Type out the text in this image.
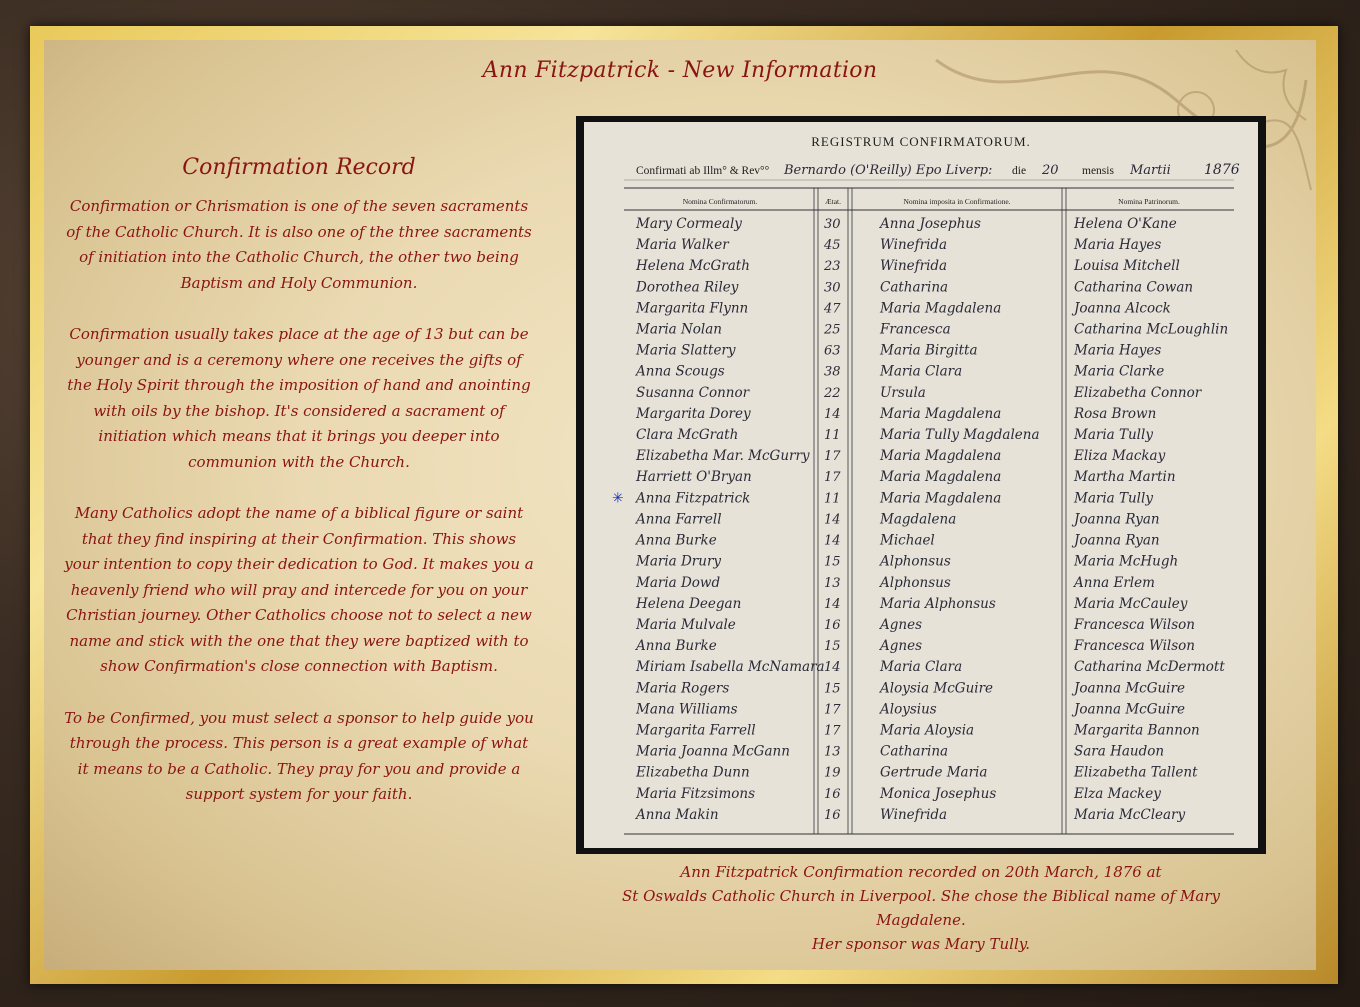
Ann Fitzpatrick - New Information
Confirmation Record

Confirmation or Chrismation is one of the seven sacraments of the Catholic Church. It is also one of the three sacraments of initiation into the Catholic Church, the other two being Baptism and Holy Communion.

Confirmation usually takes place at the age of 13 but can be younger and is a ceremony where one receives the gifts of the Holy Spirit through the imposition of hand and anointing with oils by the bishop. It's considered a sacrament of initiation which means that it brings you deeper into communion with the Church.

Many Catholics adopt the name of a biblical figure or saint that they find inspiring at their Confirmation. This shows your intention to copy their dedication to God. It makes you a heavenly friend who will pray and intercede for you on your Christian journey. Other Catholics choose not to select a new name and stick with the one that they were baptized with to show Confirmation's close connection with Baptism.

To be Confirmed, you must select a sponsor to help guide you through the process. This person is a great example of what it means to be a Catholic. They pray for you and provide a support system for your faith.

REGISTRUM CONFIRMATORUM.
Confirmati ab Illm° & Rev°° Bernardo (O'Reilly) Epo Liverp: die 20 mensis Martii 1876
Nomina Confirmatorum.	Ætat.	Nomina imposita in Confirmatione.	Nomina Patrinorum.
Mary Cormealy	30	Anna Josephus	Helena O'Kane
Maria Walker	45	Winefrida	Maria Hayes
Helena McGrath	23	Winefrida	Louisa Mitchell
Dorothea Riley	30	Catharina	Catharina Cowan
Margarita Flynn	47	Maria Magdalena	Joanna Alcock
Maria Nolan	25	Francesca	Catharina McLoughlin
Maria Slattery	63	Maria Birgitta	Maria Hayes
Anna Scougs	38	Maria Clara	Maria Clarke
Susanna Connor	22	Ursula	Elizabetha Connor
Margarita Dorey	14	Maria Magdalena	Rosa Brown
Clara McGrath	11	Maria Tully Magdalena	Maria Tully
Elizabetha Mar. McGurry 17	Maria Magdalena	Eliza Mackay
Harriett O'Bryan	17	Maria Magdalena	Martha Martin
Anna Fitzpatrick	11	Maria Magdalena	Maria Tully
✳
Anna Farrell	14	Magdalena	Joanna Ryan
Anna Burke	14	Michael	Joanna Ryan
Maria Drury	15	Alphonsus	Maria McHugh
Maria Dowd	13	Alphonsus	Anna Erlem
Helena Deegan	14	Maria Alphonsus	Maria McCauley
Maria Mulvale	16	Agnes	Francesca Wilson
Anna Burke	15	Agnes	Francesca Wilson
Miriam Isabella McNamara 14	Maria Clara	Catharina McDermott
Maria Rogers	15	Aloysia McGuire	Joanna McGuire
Mana Williams	17	Aloysius	Joanna McGuire
Margarita Farrell	17	Maria Aloysia	Margarita Bannon
Maria Joanna McGann	13	Catharina	Sara Haudon
Elizabetha Dunn	19	Gertrude Maria	Elizabetha Tallent
Maria Fitzsimons	16	Monica Josephus	Elza Mackey
Anna Makin	16	Winefrida	Maria McCleary
Ann Fitzpatrick Confirmation recorded on 20th March, 1876 at
St Oswalds Catholic Church in Liverpool. She chose the Biblical name of Mary Magdalene.
Her sponsor was Mary Tully.
